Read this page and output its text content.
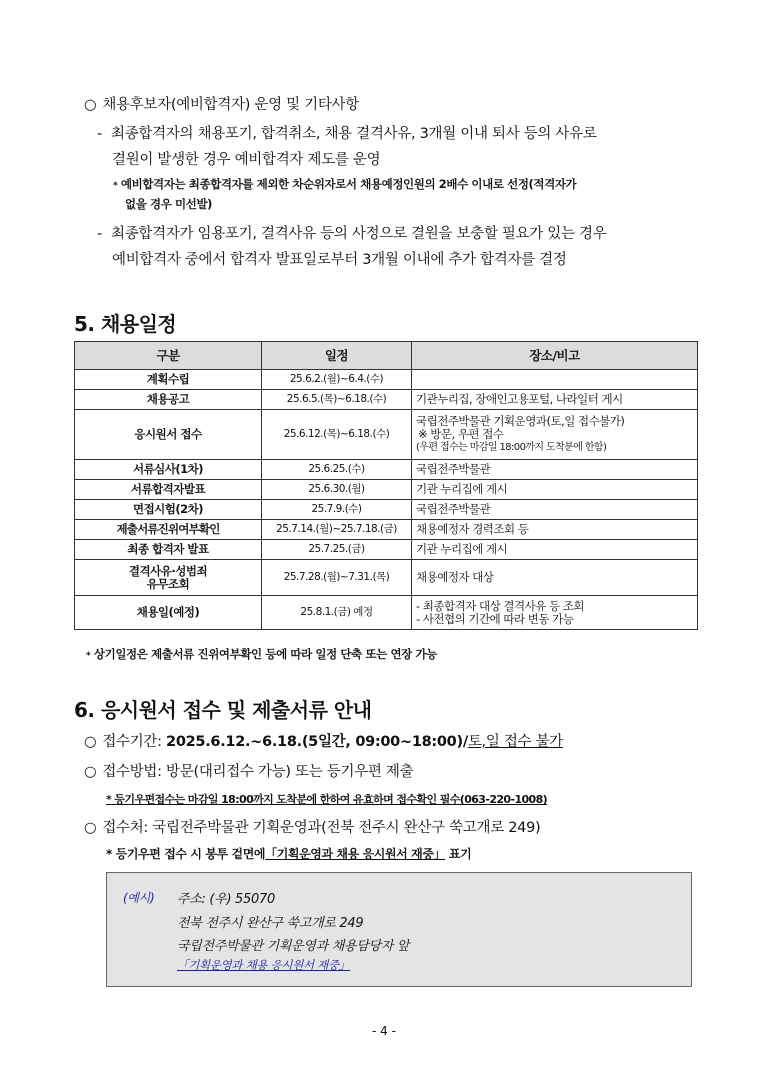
○ 채용후보자(예비합격자) 운영 및 기타사항
- 최종합격자의 채용포기, 합격취소, 채용 결격사유, 3개월 이내 퇴사 등의 사유로
결원이 발생한 경우 예비합격자 제도를 운영
* 예비합격자는 최종합격자를 제외한 차순위자로서 채용예정인원의 2배수 이내로 선정(적격자가
없을 경우 미선발)
- 최종합격자가 임용포기, 결격사유 등의 사정으로 결원을 보충할 필요가 있는 경우
예비합격자 중에서 합격자 발표일로부터 3개월 이내에 추가 합격자를 결정
5. 채용일정
구분	일정	장소/비고
계획수립	25.6.2.(월)~6.4.(수)	
채용공고	25.6.5.(목)~6.18.(수)	기관누리집, 장애인고용포털, 나라일터 게시
응시원서 접수	25.6.12.(목)~6.18.(수)	국립전주박물관 기획운영과(토,일 접수불가)
※ 방문, 우편 접수
(우편 접수는 마감일 18:00까지 도착분에 한함)

서류심사(1차)	25.6.25.(수)	국립전주박물관
서류합격자발표	25.6.30.(월)	기관 누리집에 게시
면접시험(2차)	25.7.9.(수)	국립전주박물관
제출서류진위여부확인	25.7.14.(월)~25.7.18.(금)	채용예정자 경력조회 등
최종 합격자 발표	25.7.25.(금)	기관 누리집에 게시

결격사유·성범죄
유무조회	25.7.28.(월)~7.31.(목)	채용예정자 대상
채용일(예정)	25.8.1.(금) 예정	- 최종합격자 대상 결격사유 등 조회
- 사전협의 기간에 따라 변동 가능
* 상기일정은 제출서류 진위여부확인 등에 따라 일정 단축 또는 연장 가능
6. 응시원서 접수 및 제출서류 안내
○ 접수기간: 2025.6.12.~6.18.(5일간, 09:00~18:00)/토,일 접수 불가
○ 접수방법: 방문(대리접수 가능) 또는 등기우편 제출
* 등기우편접수는 마감일 18:00까지 도착분에 한하여 유효하며 접수확인 필수(063-220-1008)
○ 접수처: 국립전주박물관 기획운영과(전북 전주시 완산구 쑥고개로 249)
* 등기우편 접수 시 봉투 겉면에「기획운영과 채용 응시원서 재중」 표기
(예시) 주소: (우) 55070
전북 전주시 완산구 쑥고개로 249
국립전주박물관 기획운영과 채용담당자 앞
「기획운영과 채용 응시원서 재중」
- 4 -
